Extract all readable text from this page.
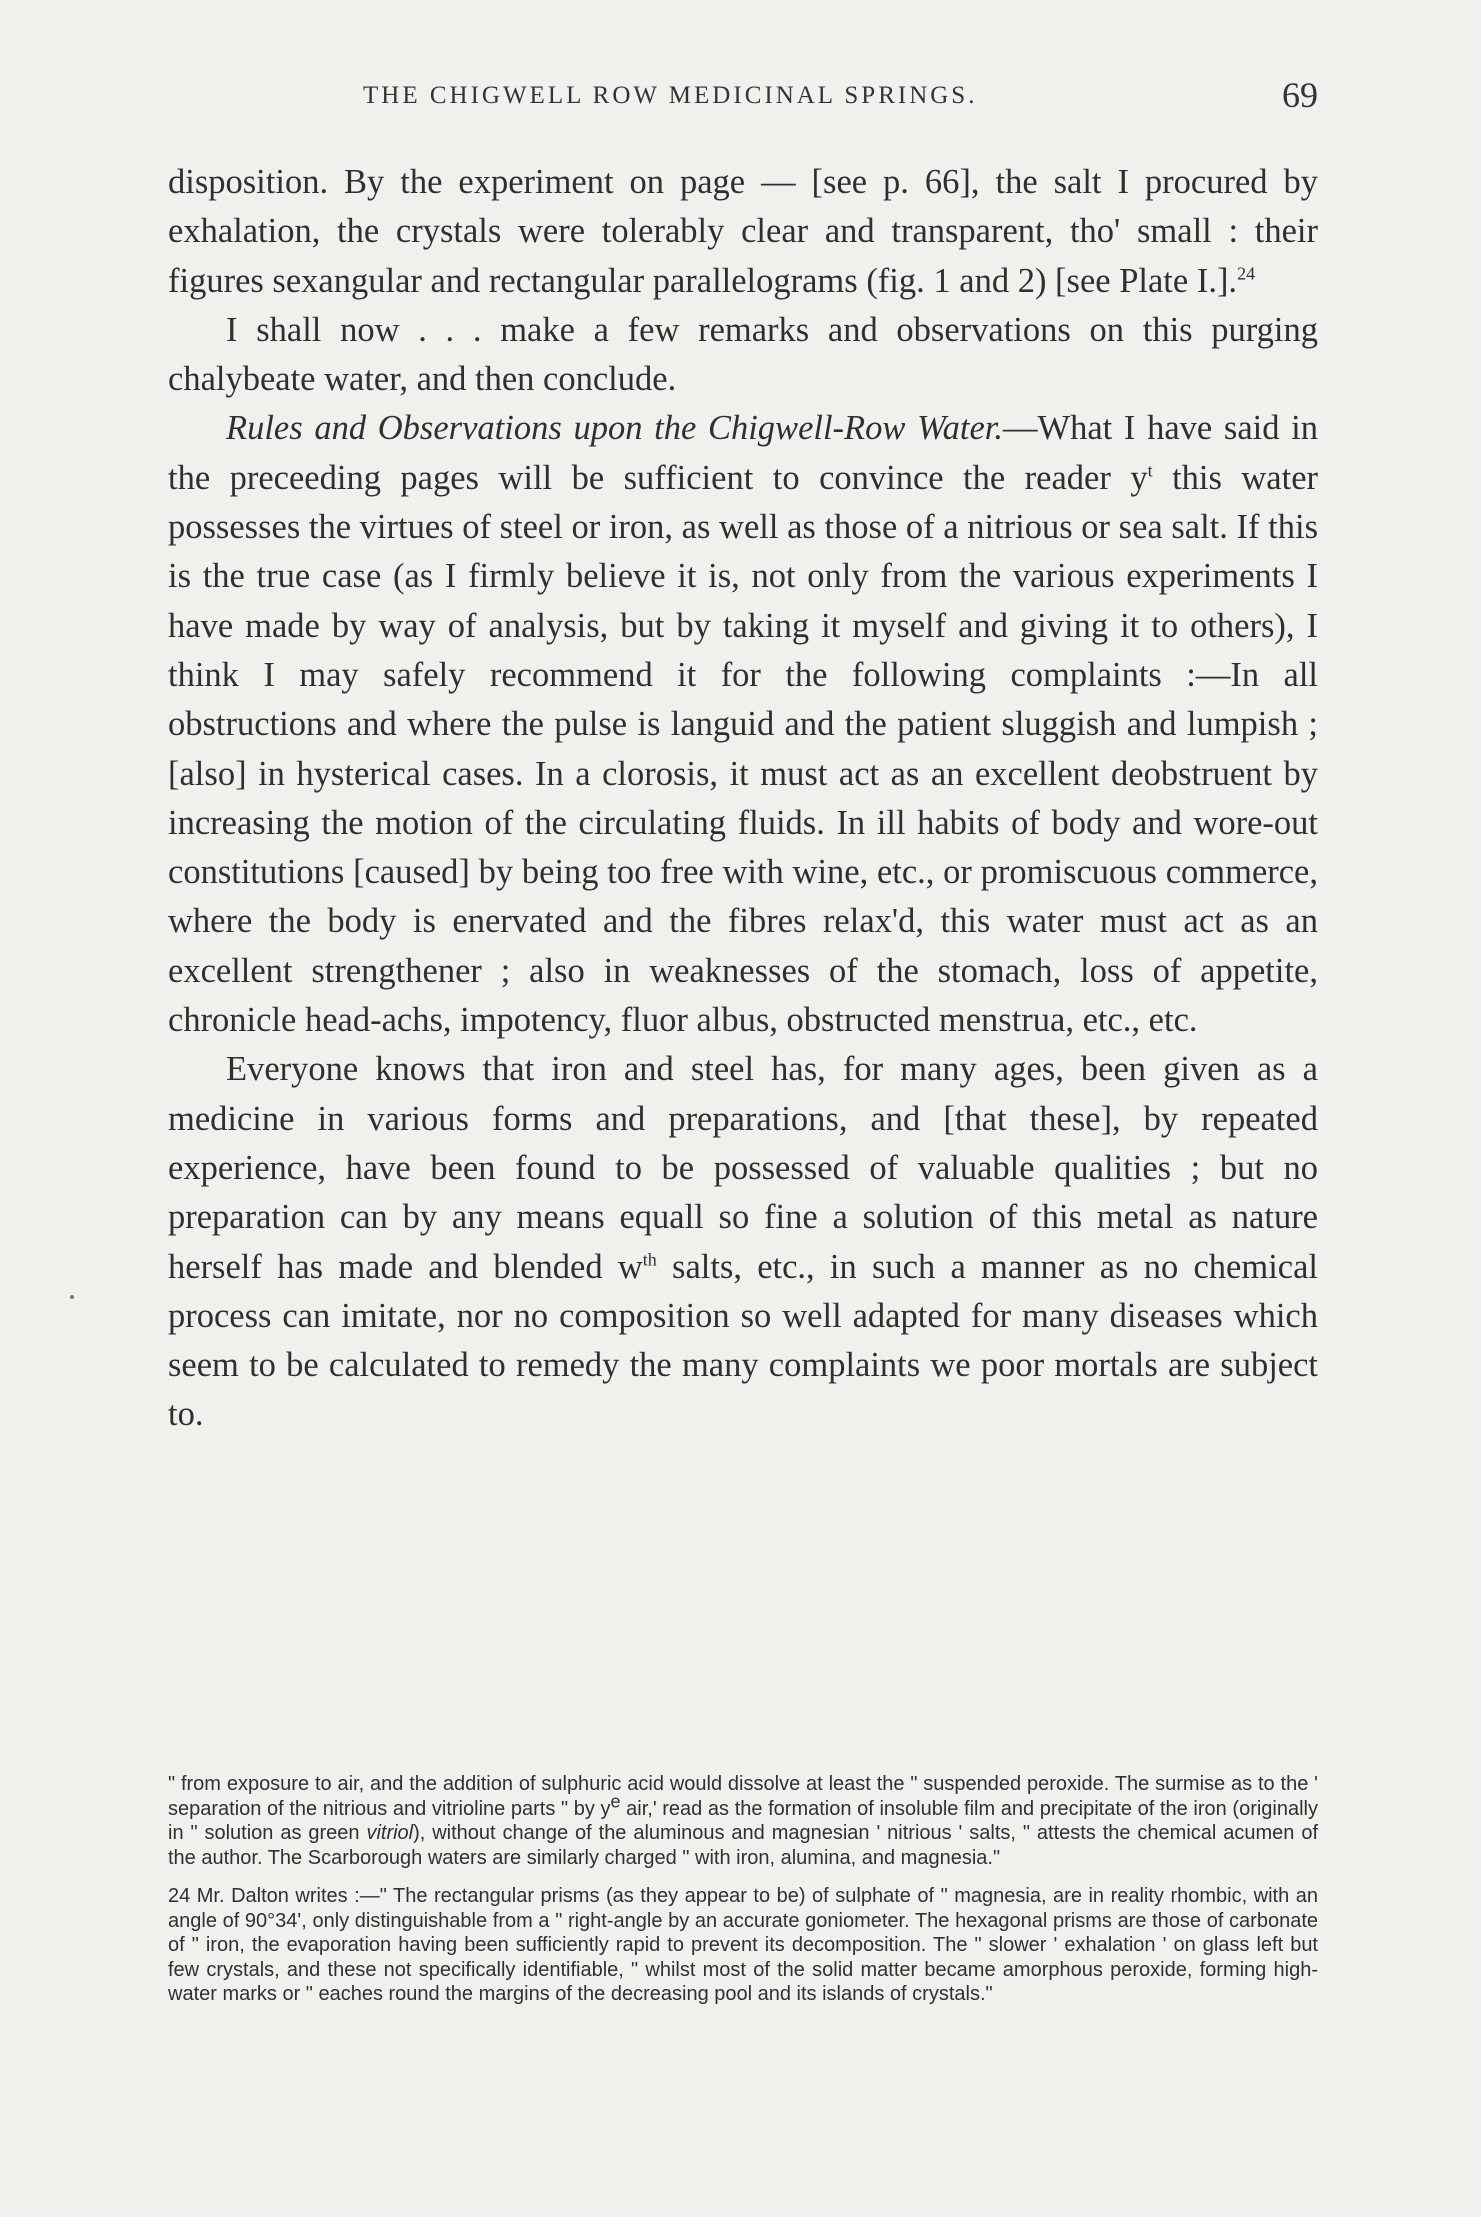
THE CHIGWELL ROW MEDICINAL SPRINGS.	69

disposition. By the experiment on page — [see p. 66], the salt I procured by exhalation, the crystals were tolerably clear and transparent, tho' small : their figures sexangular and rectangular parallelograms (fig. 1 and 2) [see Plate I.].$^{24}$

I shall now . . . make a few remarks and observations on this purging chalybeate water, and then conclude.

Rules and Observations upon the Chigwell-Row Water.—What I have said in the preceeding pages will be sufficient to convince the reader $y^t$ this water possesses the virtues of steel or iron, as well as those of a nitrious or sea salt. If this is the true case (as I firmly believe it is, not only from the various experiments I have made by way of analysis, but by taking it myself and giving it to others), I think I may safely recommend it for the following complaints :—In all obstructions and where the pulse is languid and the patient sluggish and lumpish ; [also] in hysterical cases. In a clorosis, it must act as an excellent deobstruent by increasing the motion of the circulating fluids. In ill habits of body and wore-out constitutions [caused] by being too free with wine, etc., or promiscuous commerce, where the body is enervated and the fibres relax'd, this water must act as an excellent strengthener ; also in weaknesses of the stomach, loss of appetite, chronicle head-achs, impotency, fluor albus, obstructed menstrua, etc., etc.

Everyone knows that iron and steel has, for many ages, been given as a medicine in various forms and preparations, and [that these], by repeated experience, have been found to be possessed of valuable qualities ; but no preparation can by any means equall so fine a solution of this metal as nature herself has made and blended $w^{th}$ salts, etc., in such a manner as no chemical process can imitate, nor no composition so well adapted for many diseases which seem to be calculated to remedy the many complaints we poor mortals are subject to.

" from exposure to air, and the addition of sulphuric acid would dissolve at least the " suspended peroxide. The surmise as to the ' separation of the nitrious and vitrioline parts " by $y^e$ air,' read as the formation of insoluble film and precipitate of the iron (originally in " solution as green vitriol), without change of the aluminous and magnesian ' nitrious ' salts, " attests the chemical acumen of the author. The Scarborough waters are similarly charged " with iron, alumina, and magnesia."

24 Mr. Dalton writes :—" The rectangular prisms (as they appear to be) of sulphate of " magnesia, are in reality rhombic, with an angle of 90°34', only distinguishable from a " right-angle by an accurate goniometer. The hexagonal prisms are those of carbonate of " iron, the evaporation having been sufficiently rapid to prevent its decomposition. The " slower ' exhalation ' on glass left but few crystals, and these not specifically identifiable, " whilst most of the solid matter became amorphous peroxide, forming high-water marks or " eaches round the margins of the decreasing pool and its islands of crystals."
